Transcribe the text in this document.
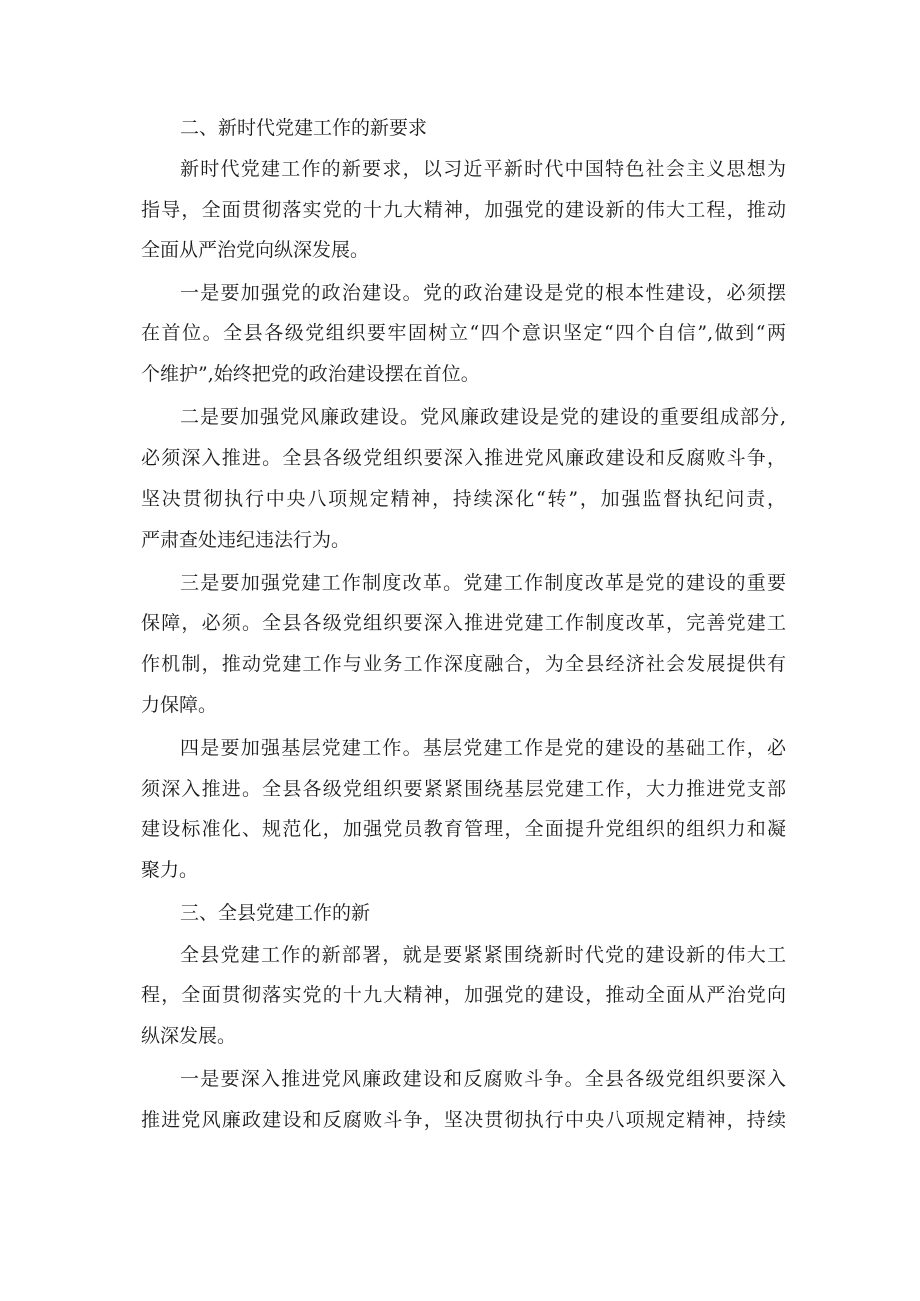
二、新时代党建工作的新要求
新时代党建工作的新要求，以习近平新时代中国特色社会主义思想为
指导，全面贯彻落实党的十九大精神，加强党的建设新的伟大工程，推动
全面从严治党向纵深发展。
一是要加强党的政治建设。党的政治建设是党的根本性建设，必须摆
在首位。全县各级党组织要牢固树立“四个意识坚定“四个自信”,做到“两
个维护”,始终把党的政治建设摆在首位。
二是要加强党风廉政建设。党风廉政建设是党的建设的重要组成部分,
必须深入推进。全县各级党组织要深入推进党风廉政建设和反腐败斗争，
坚决贯彻执行中央八项规定精神，持续深化“转”，加强监督执纪问责，
严肃查处违纪违法行为。
三是要加强党建工作制度改革。党建工作制度改革是党的建设的重要
保障，必须。全县各级党组织要深入推进党建工作制度改革，完善党建工
作机制，推动党建工作与业务工作深度融合，为全县经济社会发展提供有
力保障。
四是要加强基层党建工作。基层党建工作是党的建设的基础工作，必
须深入推进。全县各级党组织要紧紧围绕基层党建工作，大力推进党支部
建设标准化、规范化，加强党员教育管理，全面提升党组织的组织力和凝
聚力。
三、全县党建工作的新
全县党建工作的新部署，就是要紧紧围绕新时代党的建设新的伟大工
程，全面贯彻落实党的十九大精神，加强党的建设，推动全面从严治党向
纵深发展。
一是要深入推进党风廉政建设和反腐败斗争。全县各级党组织要深入
推进党风廉政建设和反腐败斗争，坚决贯彻执行中央八项规定精神，持续
